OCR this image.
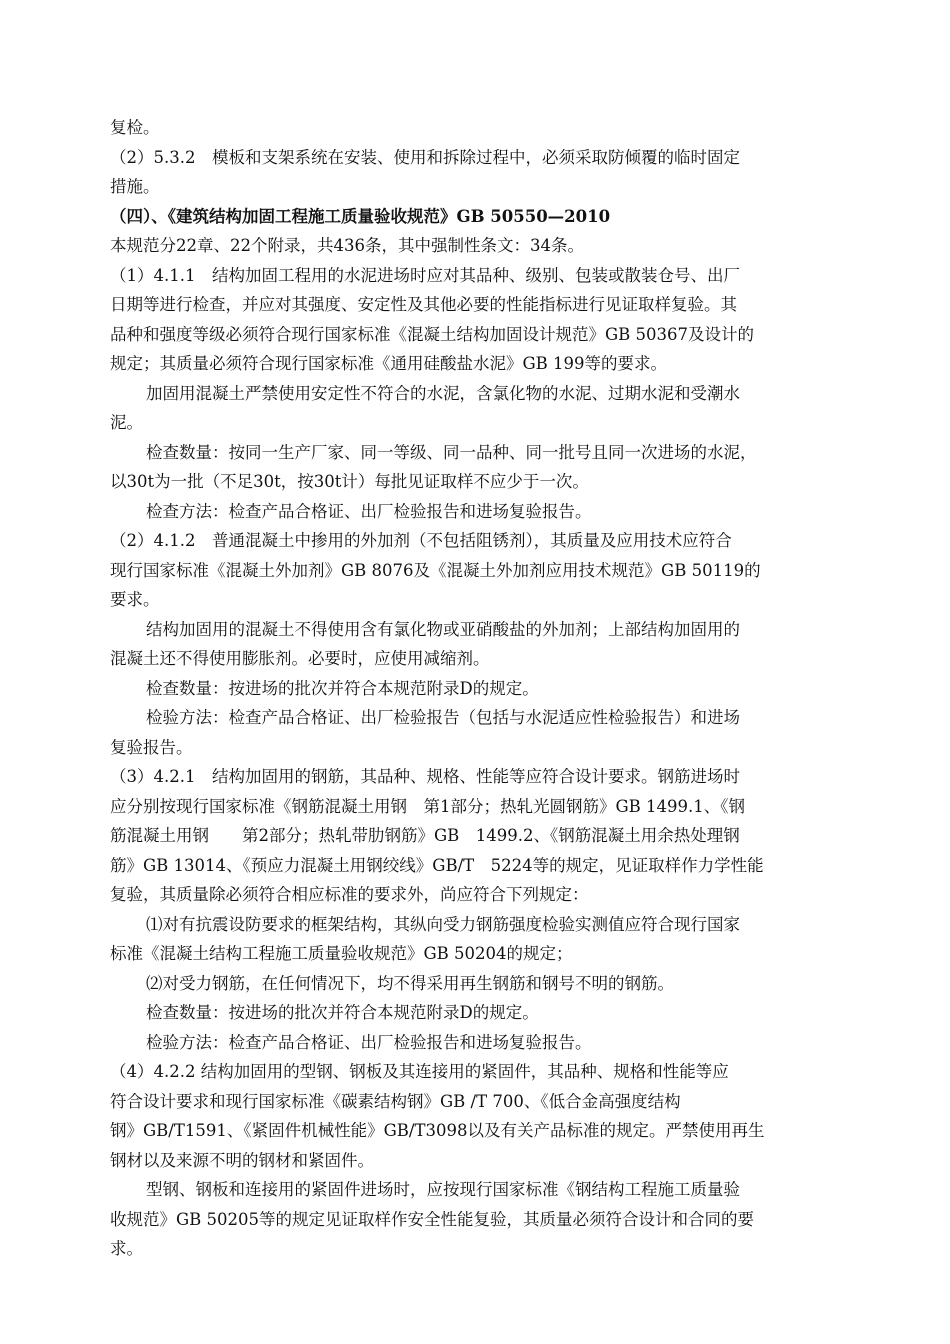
复检。
（2）5.3.2　模板和支架系统在安装、使用和拆除过程中，必须采取防倾覆的临时固定
措施。
（四）、《建筑结构加固工程施工质量验收规范》GB 50550—2010
本规范分22章、22个附录，共436条，其中强制性条文：34条。
（1）4.1.1　结构加固工程用的水泥进场时应对其品种、级别、包装或散装仓号、出厂
日期等进行检查，并应对其强度、安定性及其他必要的性能指标进行见证取样复验。其
品种和强度等级必须符合现行国家标准《混凝土结构加固设计规范》GB 50367及设计的
规定；其质量必须符合现行国家标准《通用硅酸盐水泥》GB 199等的要求。
加固用混凝土严禁使用安定性不符合的水泥，含氯化物的水泥、过期水泥和受潮水
泥。
检查数量：按同一生产厂家、同一等级、同一品种、同一批号且同一次进场的水泥，
以30t为一批（不足30t，按30t计）每批见证取样不应少于一次。
检查方法：检查产品合格证、出厂检验报告和进场复验报告。
（2）4.1.2　普通混凝土中掺用的外加剂（不包括阻锈剂），其质量及应用技术应符合
现行国家标准《混凝土外加剂》GB 8076及《混凝土外加剂应用技术规范》GB 50119的
要求。
结构加固用的混凝土不得使用含有氯化物或亚硝酸盐的外加剂；上部结构加固用的
混凝土还不得使用膨胀剂。必要时，应使用减缩剂。
检查数量：按进场的批次并符合本规范附录D的规定。
检验方法：检查产品合格证、出厂检验报告（包括与水泥适应性检验报告）和进场
复验报告。
（3）4.2.1　结构加固用的钢筋，其品种、规格、性能等应符合设计要求。钢筋进场时
应分别按现行国家标准《钢筋混凝土用钢　第1部分；热轧光圆钢筋》GB 1499.1、《钢
筋混凝土用钢　　第2部分；热轧带肋钢筋》GB　1499.2、《钢筋混凝土用余热处理钢
筋》GB 13014、《预应力混凝土用钢绞线》GB/T　5224等的规定，见证取样作力学性能
复验，其质量除必须符合相应标准的要求外，尚应符合下列规定：
⑴对有抗震设防要求的框架结构，其纵向受力钢筋强度检验实测值应符合现行国家
标准《混凝土结构工程施工质量验收规范》GB 50204的规定；
⑵对受力钢筋，在任何情况下，均不得采用再生钢筋和钢号不明的钢筋。
检查数量：按进场的批次并符合本规范附录D的规定。
检验方法：检查产品合格证、出厂检验报告和进场复验报告。
（4）4.2.2 结构加固用的型钢、钢板及其连接用的紧固件，其品种、规格和性能等应
符合设计要求和现行国家标准《碳素结构钢》GB /T 700、《低合金高强度结构
钢》GB/T1591、《紧固件机械性能》GB/T3098以及有关产品标准的规定。严禁使用再生
钢材以及来源不明的钢材和紧固件。
型钢、钢板和连接用的紧固件进场时，应按现行国家标准《钢结构工程施工质量验
收规范》GB 50205等的规定见证取样作安全性能复验，其质量必须符合设计和合同的要
求。
